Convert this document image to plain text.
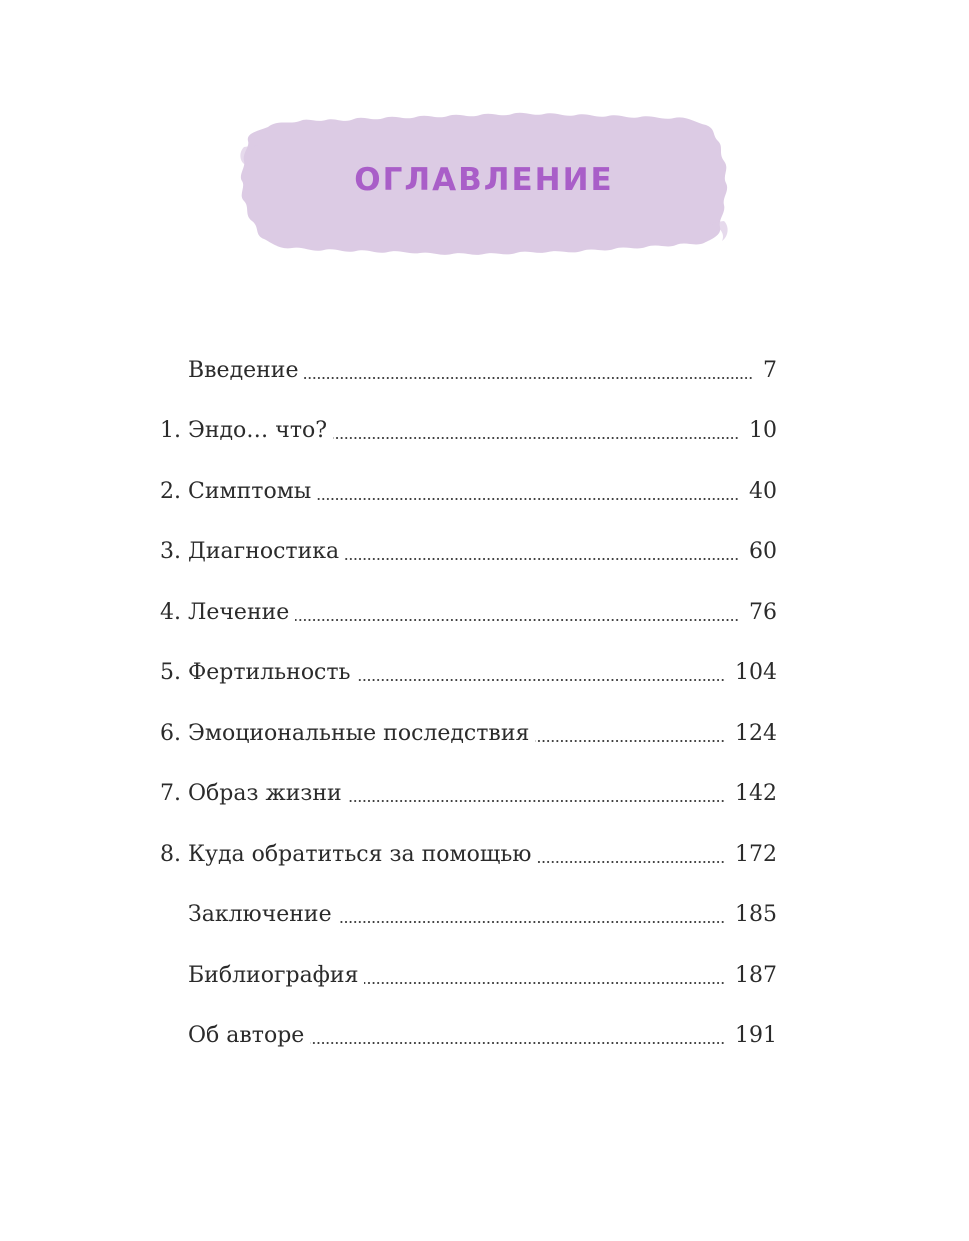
ОГЛАВЛЕНИЕ
Введение	7
1. Эндо… что?	10
2. Симптомы	40
3. Диагностика	60
4. Лечение	76
5. Фертильность	104
6. Эмоциональные последствия	124
7. Образ жизни	142
8. Куда обратиться за помощью	172
Заключение	185
Библиография	187
Об авторе	191
